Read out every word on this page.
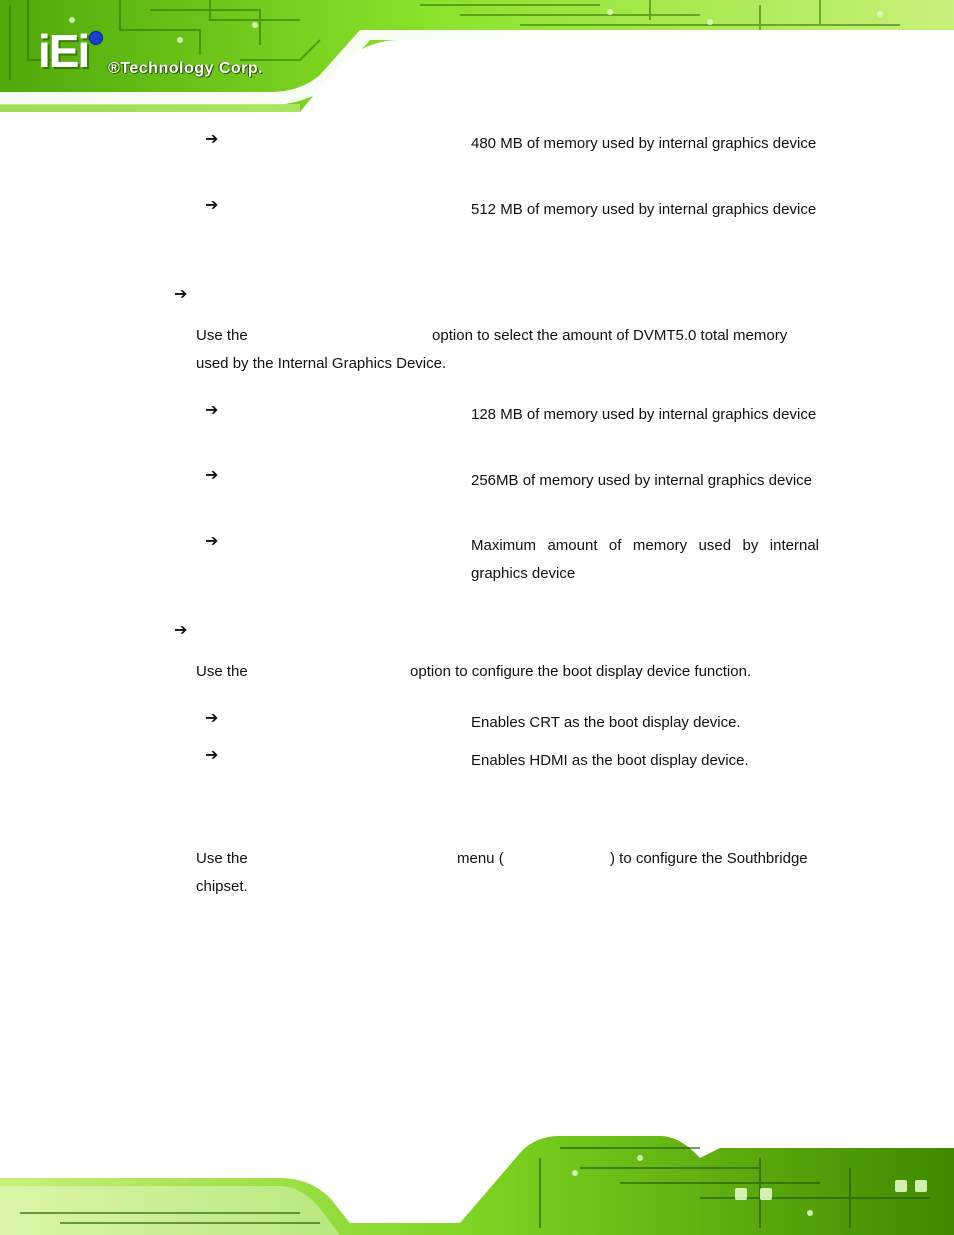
iEi ®Technology Corp.
➔	480 MB of memory used by internal graphics device
➔	512 MB of memory used by internal graphics device
➔
Use the	option to select the amount of DVMT5.0 total memory used by the Internal Graphics Device.
➔	128 MB of memory used by internal graphics device
➔	256MB of memory used by internal graphics device
➔	Maximum amount of memory used by internal graphics device
➔
Use the	option to configure the boot display device function.
➔	Enables CRT as the boot display device.
➔	Enables HDMI as the boot display device.
Use the	menu (	) to configure the Southbridge
chipset.
